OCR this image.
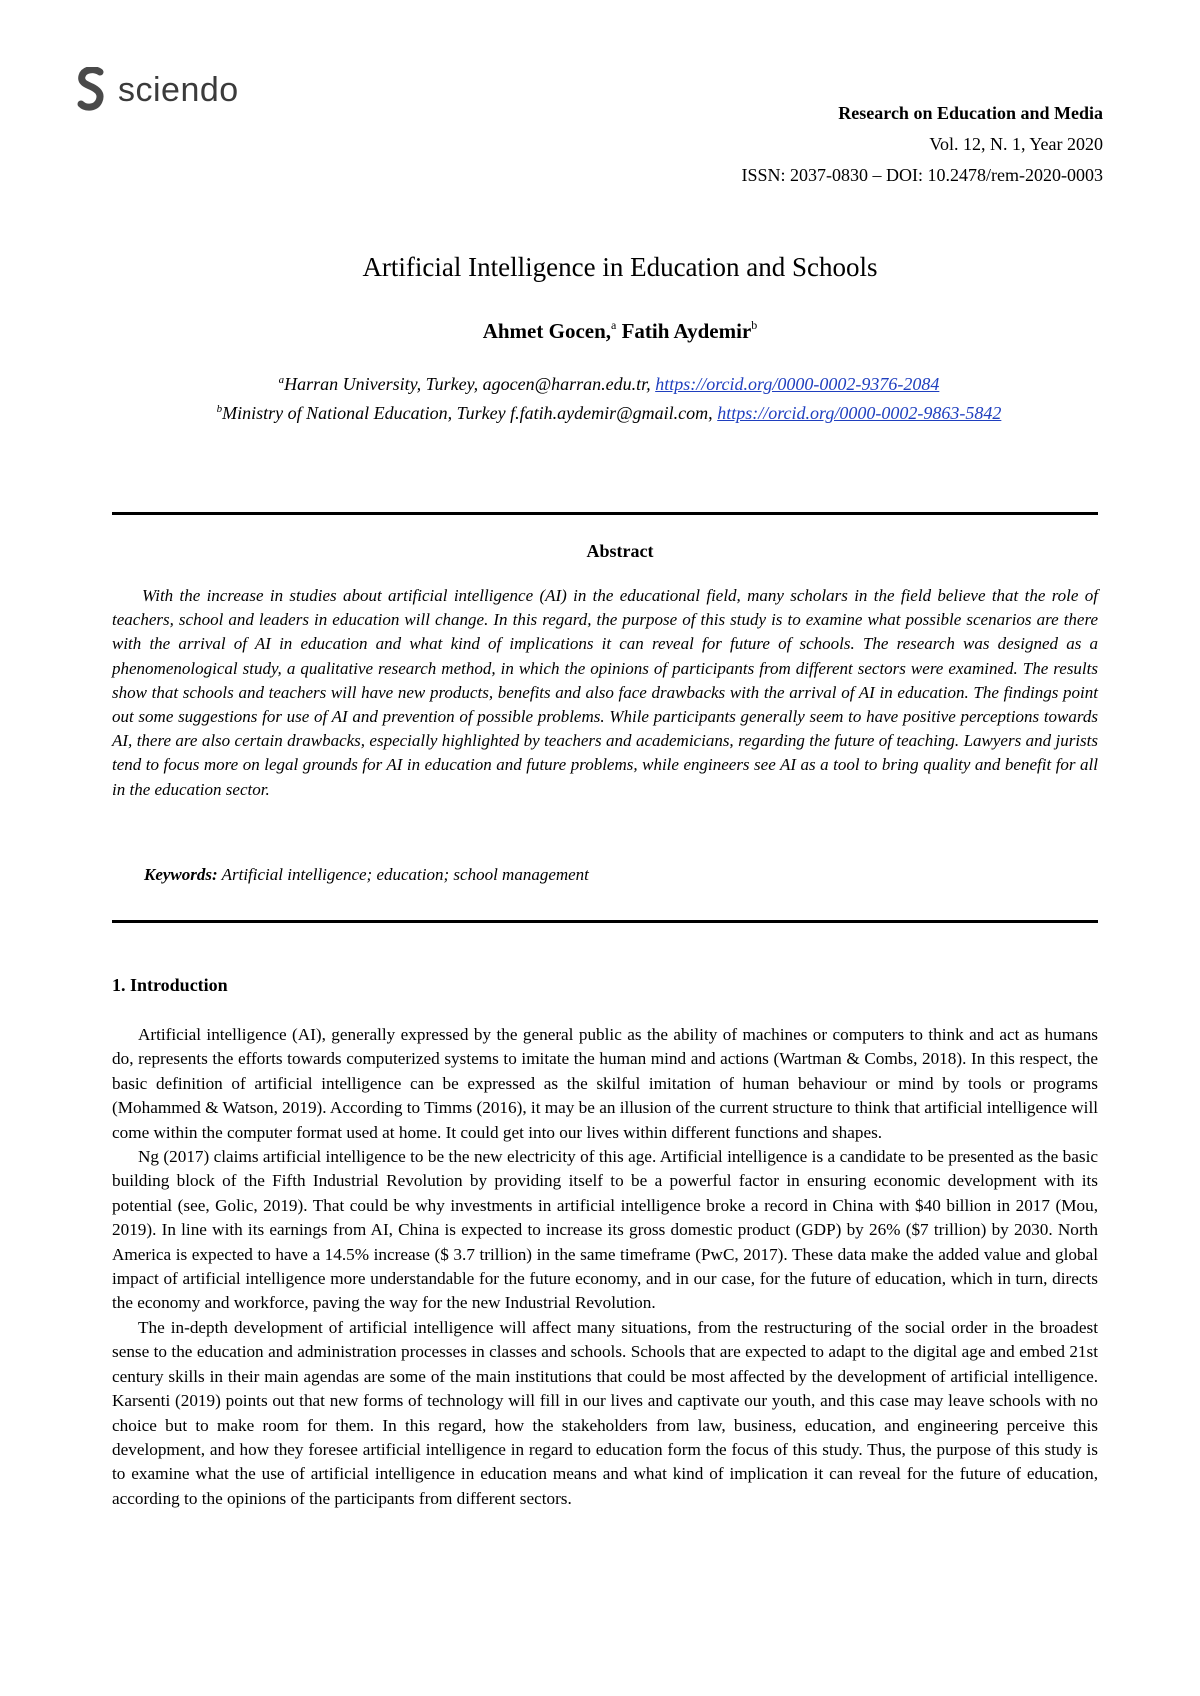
sciendo
Research on Education and Media
Vol. 12, N. 1, Year 2020
ISSN: 2037-0830 – DOI: 10.2478/rem-2020-0003
Artificial Intelligence in Education and Schools
Ahmet Gocen,$^a$ Fatih Aydemir$^b$
$^a$Harran University, Turkey, agocen@harran.edu.tr, https://orcid.org/0000-0002-9376-2084
$^b$Ministry of National Education, Turkey f.fatih.aydemir@gmail.com, https://orcid.org/0000-0002-9863-5842
Abstract
With the increase in studies about artificial intelligence (AI) in the educational field, many scholars in the field believe that the role of teachers, school and leaders in education will change. In this regard, the purpose of this study is to examine what possible scenarios are there with the arrival of AI in education and what kind of implications it can reveal for future of schools. The research was designed as a phenomenological study, a qualitative research method, in which the opinions of participants from different sectors were examined. The results show that schools and teachers will have new products, benefits and also face drawbacks with the arrival of AI in education. The findings point out some suggestions for use of AI and prevention of possible problems. While participants generally seem to have positive perceptions towards AI, there are also certain drawbacks, especially highlighted by teachers and academicians, regarding the future of teaching. Lawyers and jurists tend to focus more on legal grounds for AI in education and future problems, while engineers see AI as a tool to bring quality and benefit for all in the education sector.
Keywords: Artificial intelligence; education; school management
1. Introduction

Artificial intelligence (AI), generally expressed by the general public as the ability of machines or computers to think and act as humans do, represents the efforts towards computerized systems to imitate the human mind and actions (Wartman & Combs, 2018). In this respect, the basic definition of artificial intelligence can be expressed as the skilful imitation of human behaviour or mind by tools or programs (Mohammed & Watson, 2019). According to Timms (2016), it may be an illusion of the current structure to think that artificial intelligence will come within the computer format used at home. It could get into our lives within different functions and shapes.

Ng (2017) claims artificial intelligence to be the new electricity of this age. Artificial intelligence is a candidate to be presented as the basic building block of the Fifth Industrial Revolution by providing itself to be a powerful factor in ensuring economic development with its potential (see, Golic, 2019). That could be why investments in artificial intelligence broke a record in China with $40 billion in 2017 (Mou, 2019). In line with its earnings from AI, China is expected to increase its gross domestic product (GDP) by 26% ($7 trillion) by 2030. North America is expected to have a 14.5% increase ($ 3.7 trillion) in the same timeframe (PwC, 2017). These data make the added value and global impact of artificial intelligence more understandable for the future economy, and in our case, for the future of education, which in turn, directs the economy and workforce, paving the way for the new Industrial Revolution.

The in-depth development of artificial intelligence will affect many situations, from the restructuring of the social order in the broadest sense to the education and administration processes in classes and schools. Schools that are expected to adapt to the digital age and embed 21st century skills in their main agendas are some of the main institutions that could be most affected by the development of artificial intelligence. Karsenti (2019) points out that new forms of technology will fill in our lives and captivate our youth, and this case may leave schools with no choice but to make room for them. In this regard, how the stakeholders from law, business, education, and engineering perceive this development, and how they foresee artificial intelligence in regard to education form the focus of this study. Thus, the purpose of this study is to examine what the use of artificial intelligence in education means and what kind of implication it can reveal for the future of education, according to the opinions of the participants from different sectors.
